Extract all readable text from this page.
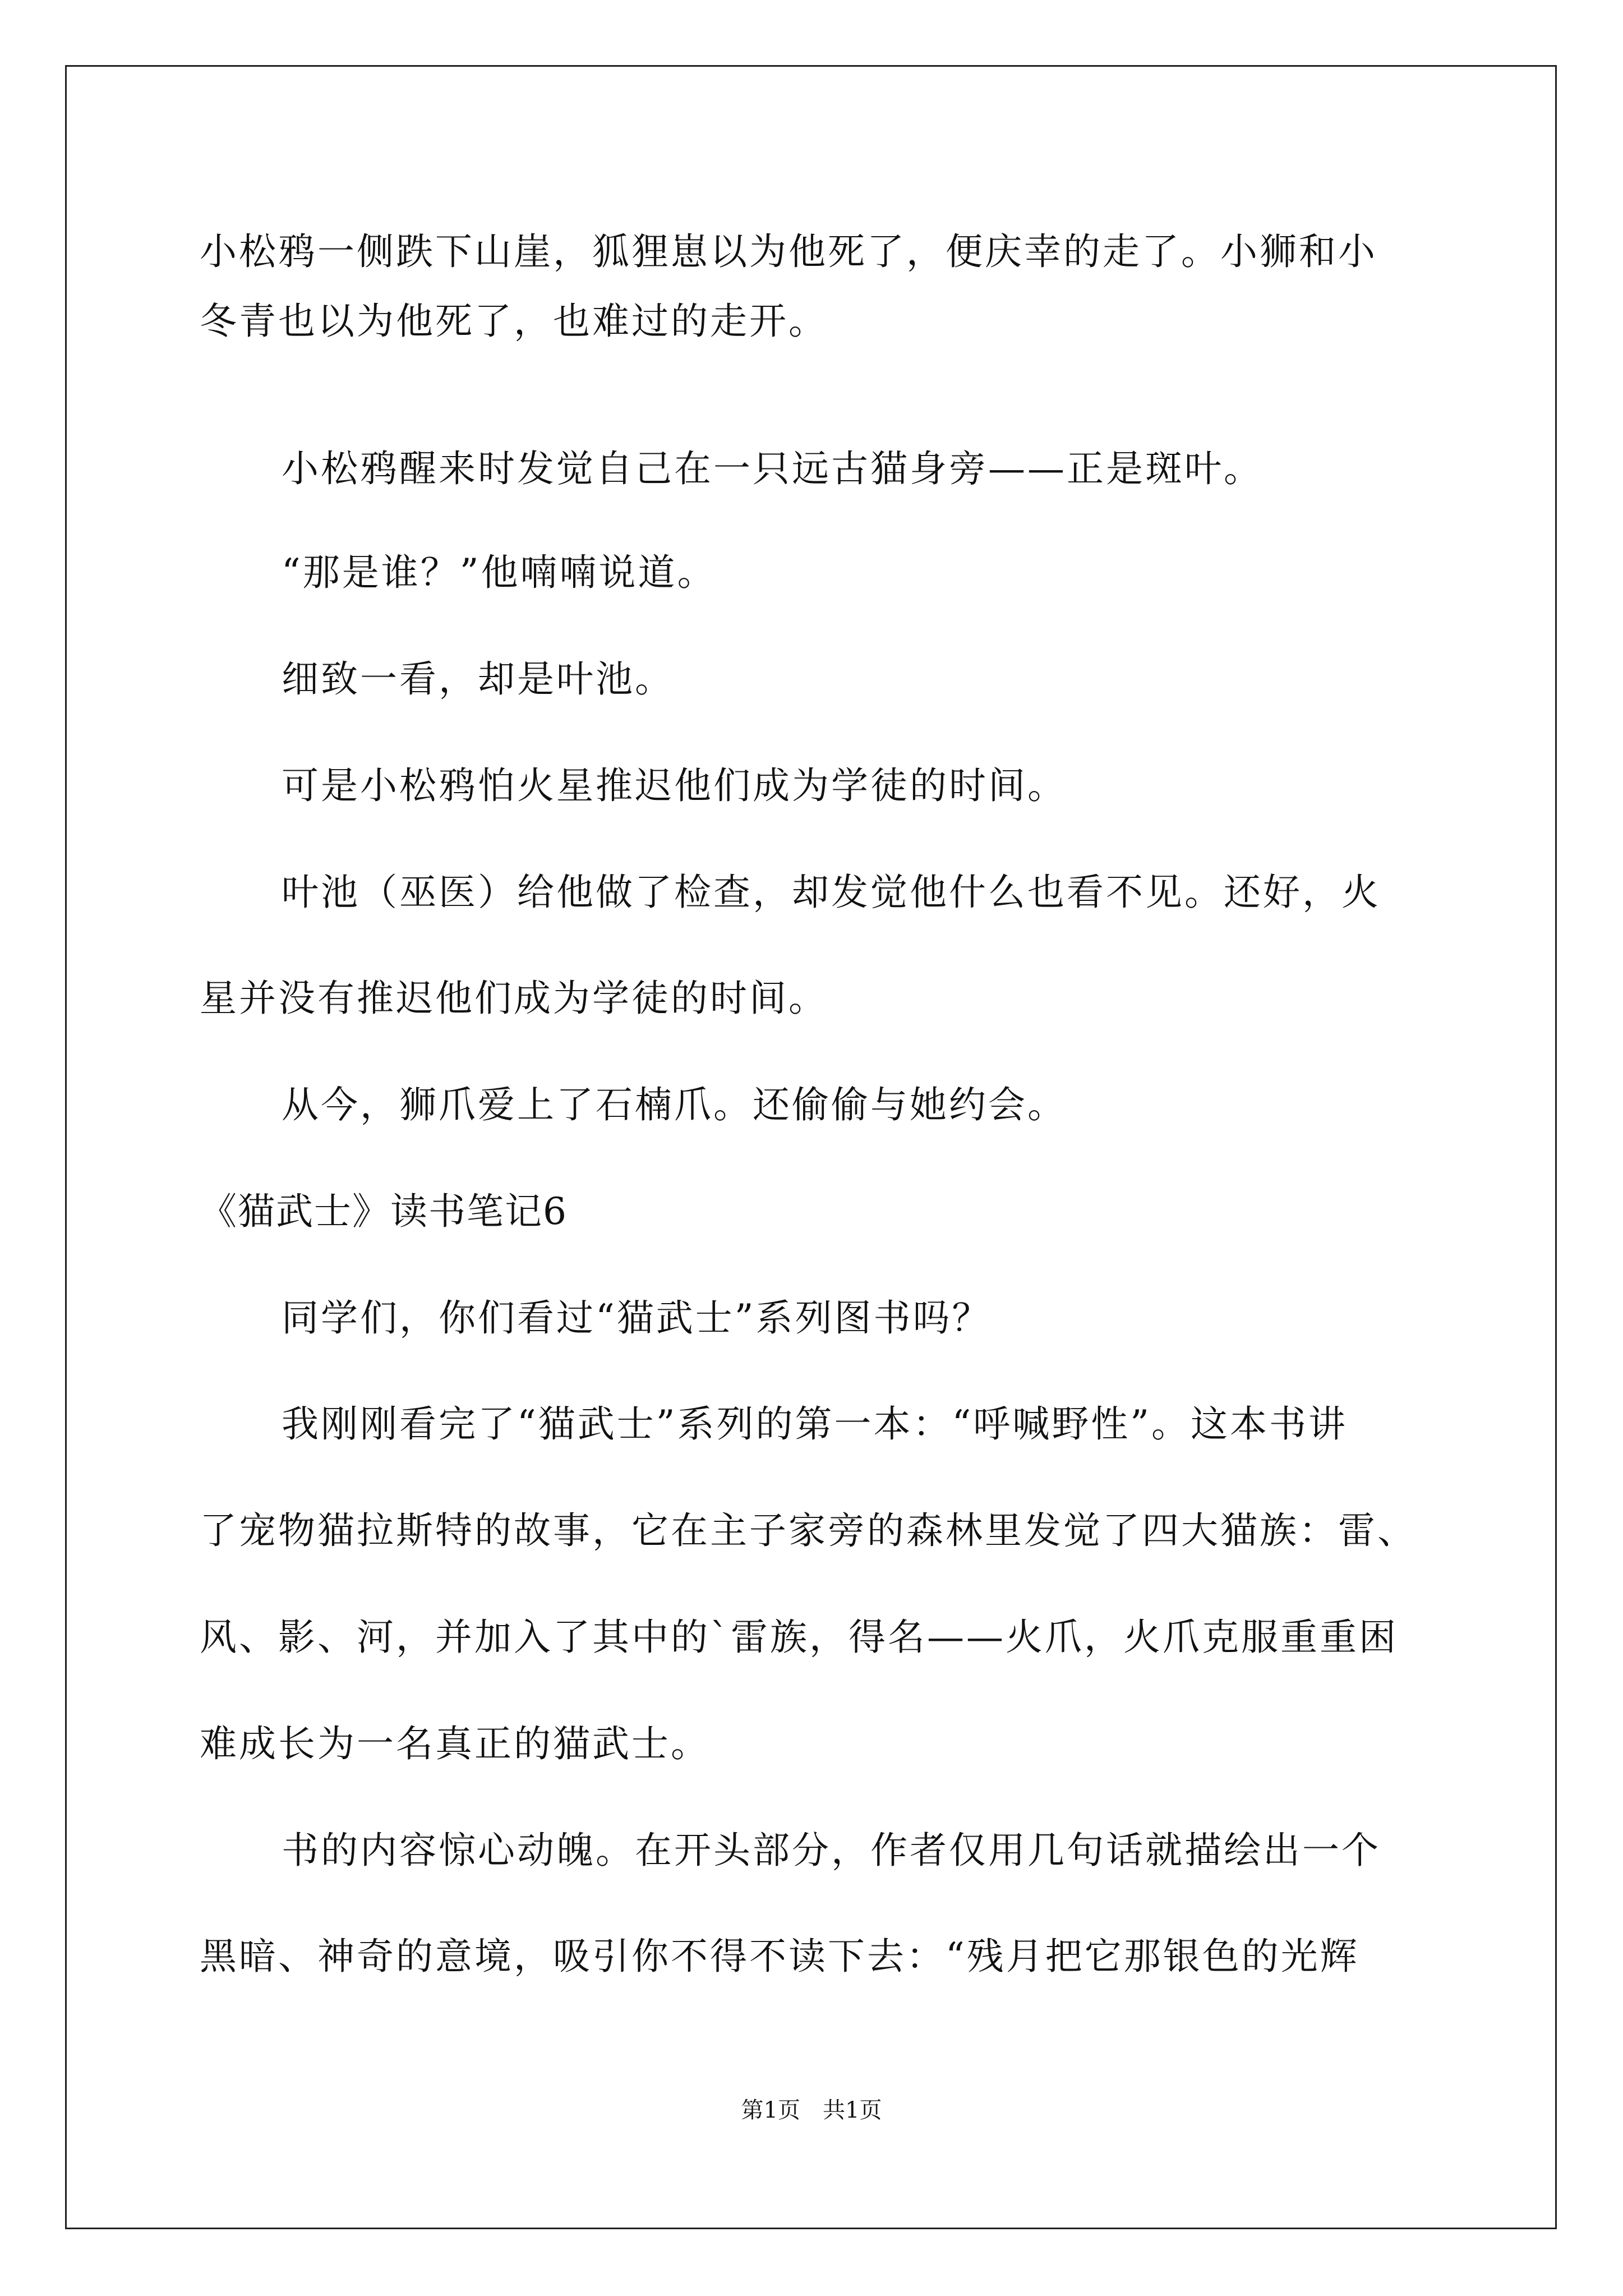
小松鸦一侧跌下山崖，狐狸崽以为他死了，便庆幸的走了。小狮和小
冬青也以为他死了，也难过的走开。
小松鸦醒来时发觉自己在一只远古猫身旁——正是斑叶。
“那是谁？”他喃喃说道。
细致一看，却是叶池。
可是小松鸦怕火星推迟他们成为学徒的时间。
叶池（巫医）给他做了检查，却发觉他什么也看不见。还好，火
星并没有推迟他们成为学徒的时间。
从今，狮爪爱上了石楠爪。还偷偷与她约会。
《猫武士》读书笔记6
同学们，你们看过“猫武士”系列图书吗？
我刚刚看完了“猫武士”系列的第一本：“呼喊野性”。这本书讲
了宠物猫拉斯特的故事，它在主子家旁的森林里发觉了四大猫族：雷、
风、影、河，并加入了其中的`雷族，得名——火爪，火爪克服重重困
难成长为一名真正的猫武士。
书的内容惊心动魄。在开头部分，作者仅用几句话就描绘出一个
黑暗、神奇的意境，吸引你不得不读下去：“残月把它那银色的光辉
第1页 共1页
